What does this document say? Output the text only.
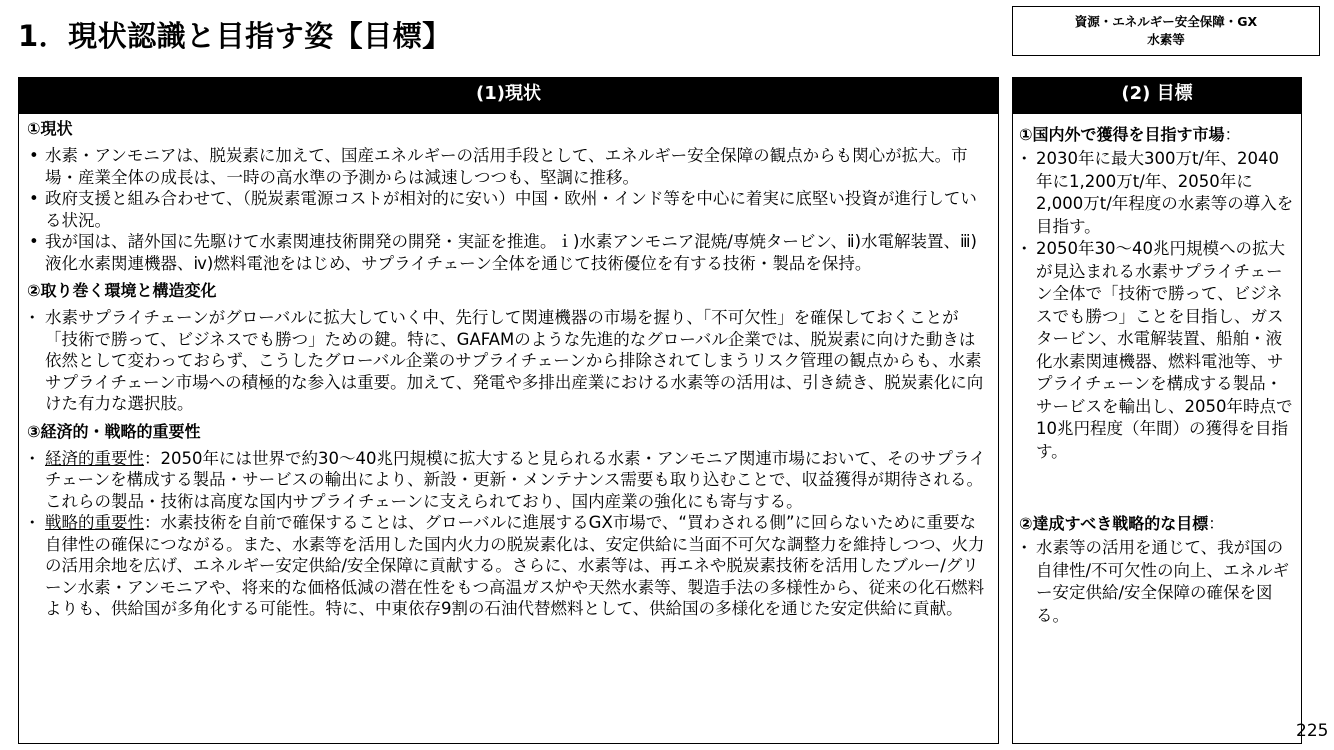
1．現状認識と目指す姿【目標】	資源・エネルギー安全保障・GX
水素等
(1)現状
①現状
• 水素・アンモニアは、脱炭素に加えて、国産エネルギーの活用手段として、エネルギー安全保障の観点からも関心が拡大。市場・産業全体の成長は、一時の高水準の予測からは減速しつつも、堅調に推移。
• 政府支援と組み合わせて、（脱炭素電源コストが相対的に安い）中国・欧州・インド等を中心に着実に底堅い投資が進行している状況。
• 我が国は、諸外国に先駆けて水素関連技術開発の開発・実証を推進。ｉ)水素アンモニア混焼/専焼タービン、ⅱ)水電解装置、ⅲ)液化水素関連機器、ⅳ)燃料電池をはじめ、サプライチェーン全体を通じて技術優位を有する技術・製品を保持。
②取り巻く環境と構造変化
・ 水素サプライチェーンがグローバルに拡大していく中、先行して関連機器の市場を握り、「不可欠性」を確保しておくことが「技術で勝って、ビジネスでも勝つ」ための鍵。特に、GAFAMのような先進的なグローバル企業では、脱炭素に向けた動きは依然として変わっておらず、こうしたグローバル企業のサプライチェーンから排除されてしまうリスク管理の観点からも、水素サプライチェーン市場への積極的な参入は重要。加えて、発電や多排出産業における水素等の活用は、引き続き、脱炭素化に向けた有力な選択肢。
③経済的・戦略的重要性
・ 経済的重要性：2050年には世界で約30～40兆円規模に拡大すると見られる水素・アンモニア関連市場において、そのサプライチェーンを構成する製品・サービスの輸出により、新設・更新・メンテナンス需要も取り込むことで、収益獲得が期待される。これらの製品・技術は高度な国内サプライチェーンに支えられており、国内産業の強化にも寄与する。
・ 戦略的重要性：水素技術を自前で確保することは、グローバルに進展するGX市場で、“買わされる側”に回らないために重要な自律性の確保につながる。また、水素等を活用した国内火力の脱炭素化は、安定供給に当面不可欠な調整力を維持しつつ、火力の活用余地を広げ、エネルギー安定供給/安全保障に貢献する。さらに、水素等は、再エネや脱炭素技術を活用したブルー/グリーン水素・アンモニアや、将来的な価格低減の潜在性をもつ高温ガス炉や天然水素等、製造手法の多様性から、従来の化石燃料よりも、供給国が多角化する可能性。特に、中東依存9割の石油代替燃料として、供給国の多様化を通じた安定供給に貢献。
(2) 目標
①国内外で獲得を目指す市場：
・ 2030年に最大300万t/年、2040年に1,200万t/年、2050年に2,000万t/年程度の水素等の導入を目指す。
・ 2050年30～40兆円規模への拡大が見込まれる水素サプライチェーン全体で「技術で勝って、ビジネスでも勝つ」ことを目指し、ガスタービン、水電解装置、船舶・液化水素関連機器、燃料電池等、サプライチェーンを構成する製品・サービスを輸出し、2050年時点で10兆円程度（年間）の獲得を目指す。
②達成すべき戦略的な目標：
・ 水素等の活用を通じて、我が国の自律性/不可欠性の向上、エネルギー安定供給/安全保障の確保を図る。
225
